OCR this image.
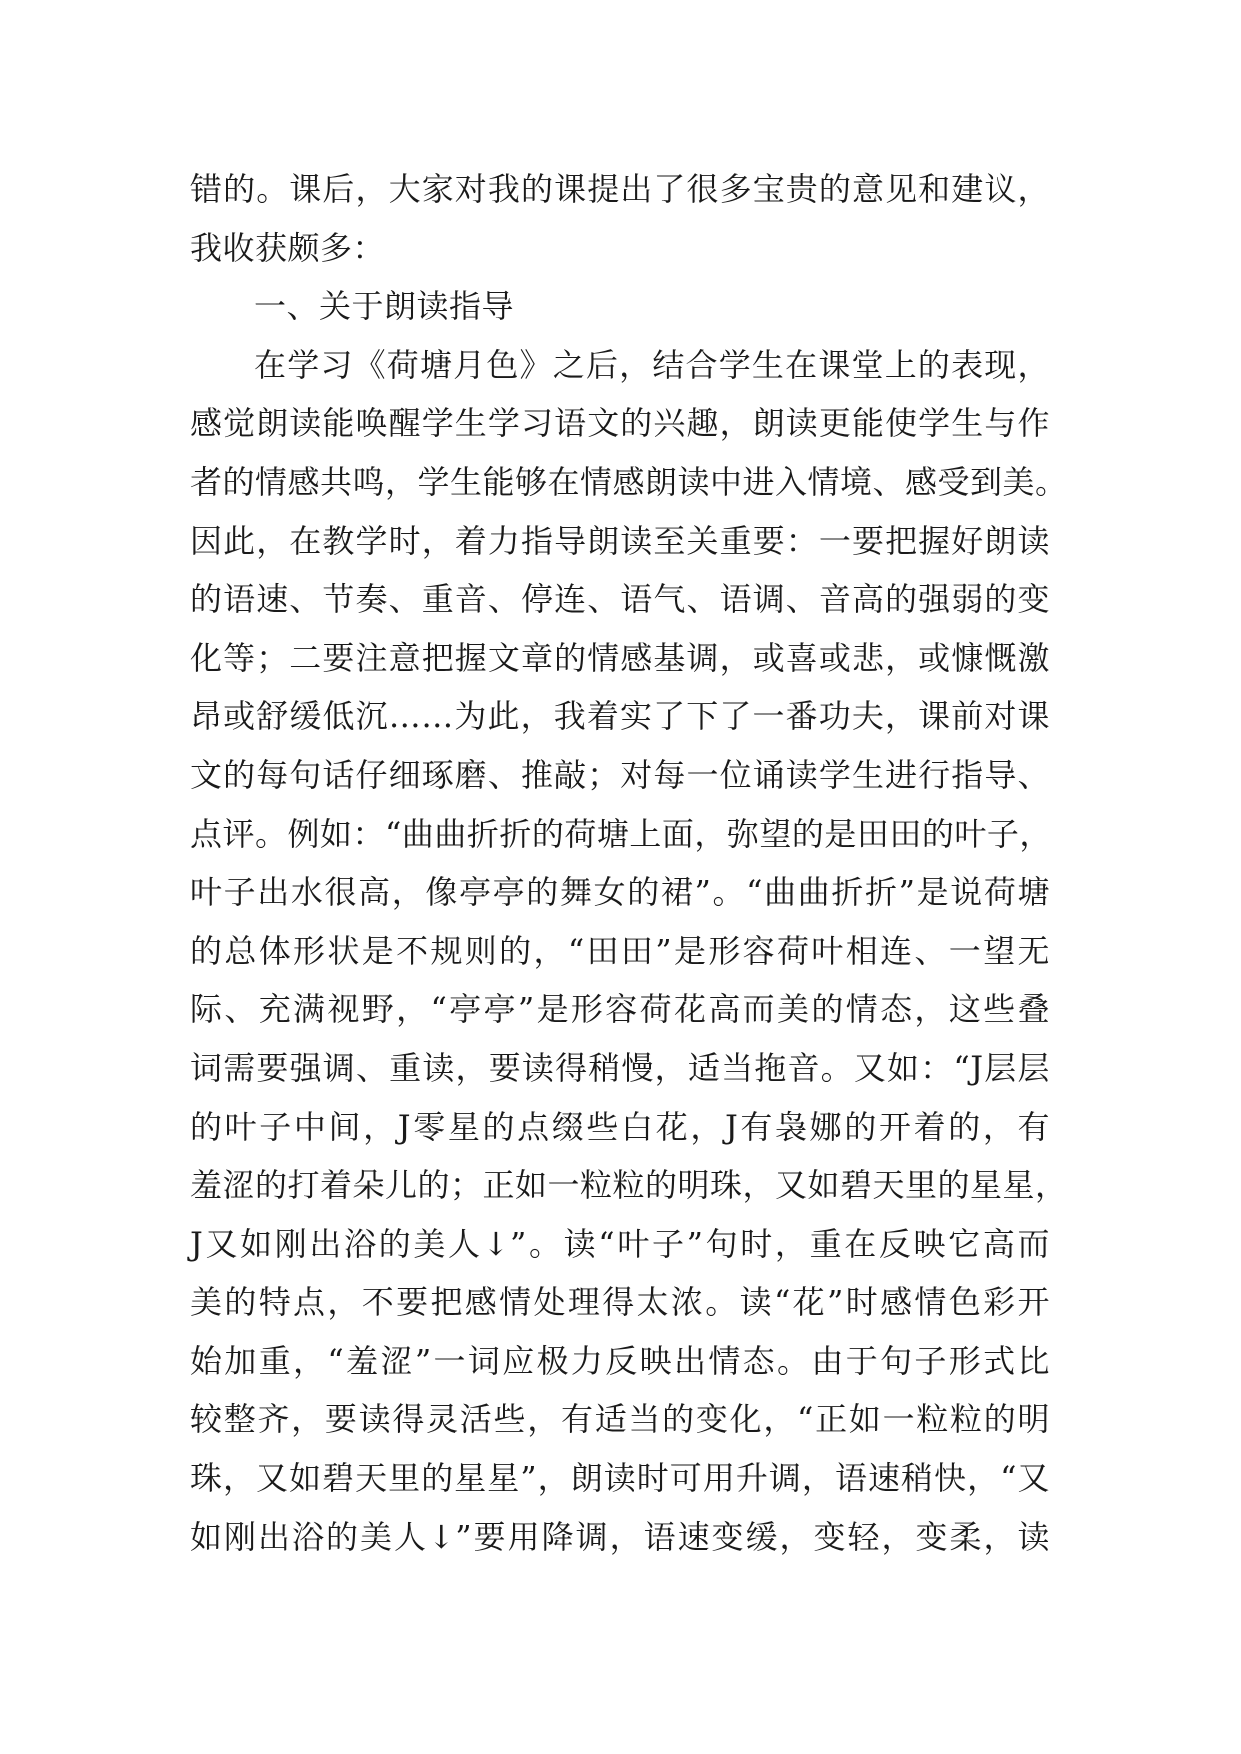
错的。课后，大家对我的课提出了很多宝贵的意见和建议，
我收获颇多：
一、关于朗读指导
在学习《荷塘月色》之后，结合学生在课堂上的表现，
感觉朗读能唤醒学生学习语文的兴趣，朗读更能使学生与作
者的情感共鸣，学生能够在情感朗读中进入情境、感受到美。
因此，在教学时，着力指导朗读至关重要：一要把握好朗读
的语速、节奏、重音、停连、语气、语调、音高的强弱的变
化等；二要注意把握文章的情感基调，或喜或悲，或慷慨激
昂或舒缓低沉……为此，我着实了下了一番功夫，课前对课
文的每句话仔细琢磨、推敲；对每一位诵读学生进行指导、
点评。例如：“曲曲折折的荷塘上面，弥望的是田田的叶子，
叶子出水很高，像亭亭的舞女的裙”。“曲曲折折”是说荷塘
的总体形状是不规则的，“田田”是形容荷叶相连、一望无
际、充满视野，“亭亭”是形容荷花高而美的情态，这些叠
词需要强调、重读，要读得稍慢，适当拖音。又如：“J层层
的叶子中间，J零星的点缀些白花，J有袅娜的开着的，有
羞涩的打着朵儿的；正如一粒粒的明珠，又如碧天里的星星，
J又如刚出浴的美人↓”。读“叶子”句时，重在反映它高而
美的特点，不要把感情处理得太浓。读“花”时感情色彩开
始加重，“羞涩”一词应极力反映出情态。由于句子形式比
较整齐，要读得灵活些，有适当的变化，“正如一粒粒的明
珠，又如碧天里的星星”，朗读时可用升调，语速稍快，“又
如刚出浴的美人↓”要用降调，语速变缓，变轻，变柔，读
